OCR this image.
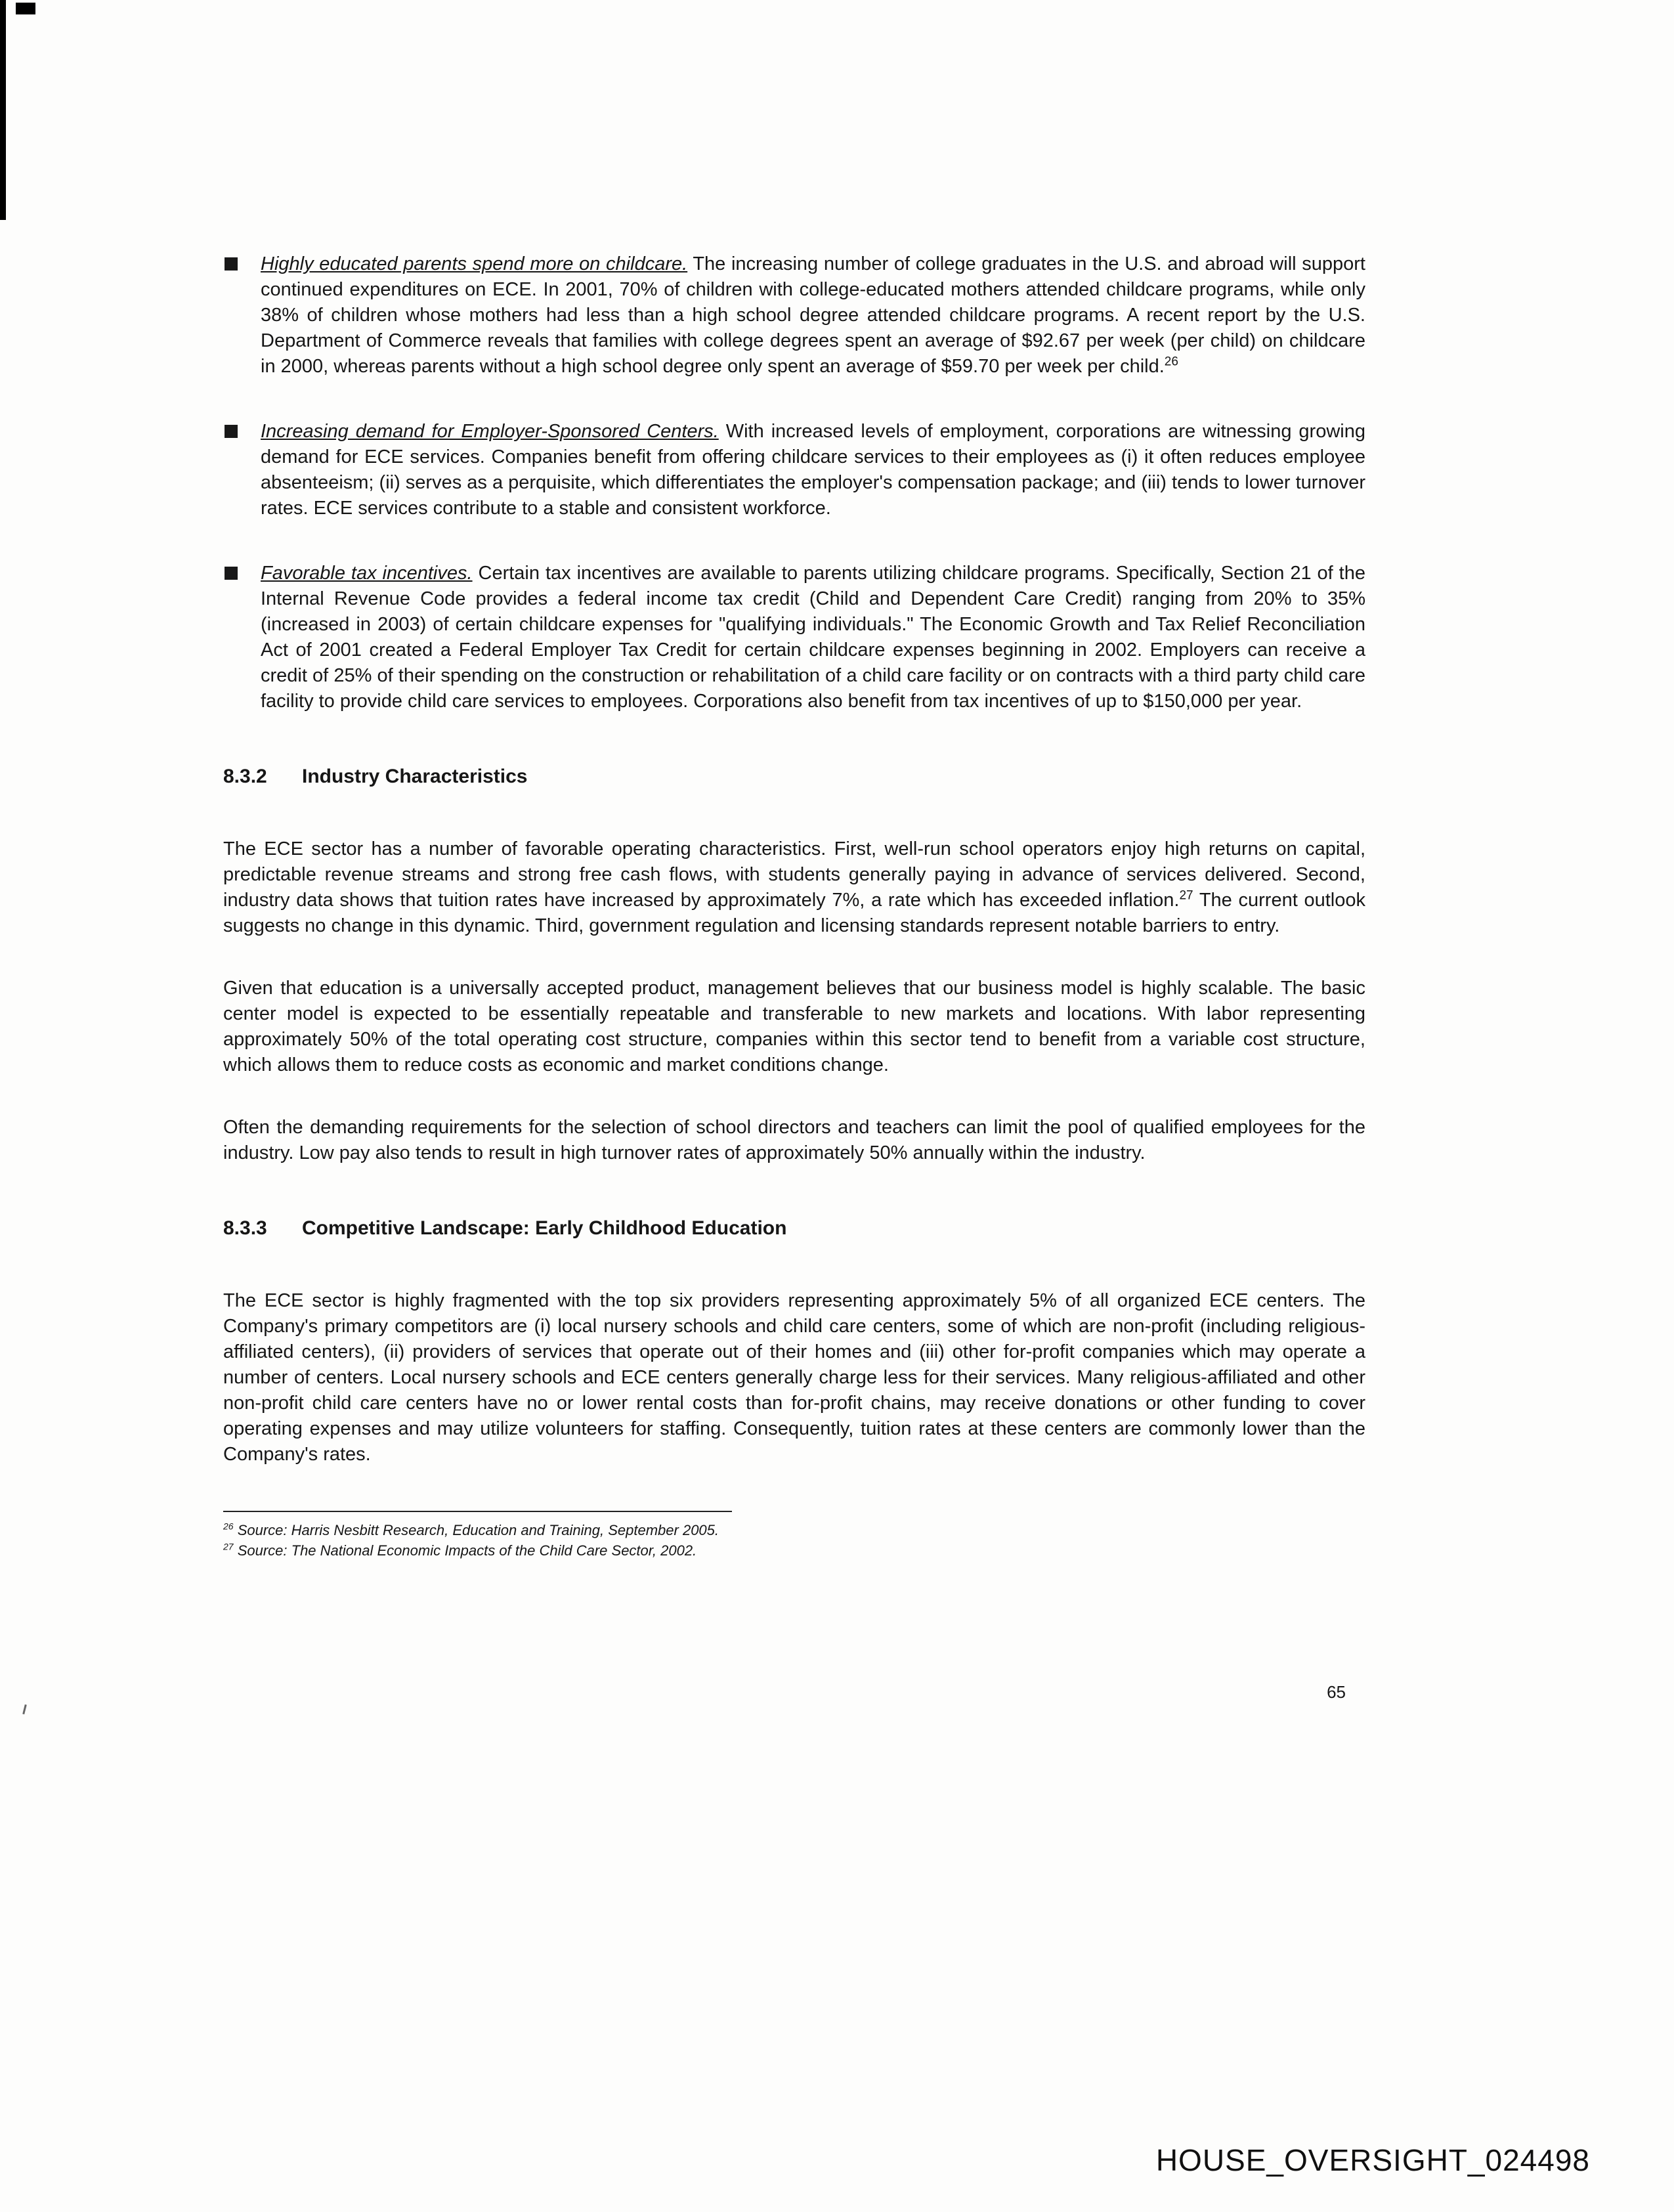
Highly educated parents spend more on childcare. The increasing number of college graduates in the U.S. and abroad will support continued expenditures on ECE. In 2001, 70% of children with college-educated mothers attended childcare programs, while only 38% of children whose mothers had less than a high school degree attended childcare programs. A recent report by the U.S. Department of Commerce reveals that families with college degrees spent an average of $92.67 per week (per child) on childcare in 2000, whereas parents without a high school degree only spent an average of $59.70 per week per child.$^{26}$
Increasing demand for Employer-Sponsored Centers. With increased levels of employment, corporations are witnessing growing demand for ECE services. Companies benefit from offering childcare services to their employees as (i) it often reduces employee absenteeism; (ii) serves as a perquisite, which differentiates the employer's compensation package; and (iii) tends to lower turnover rates. ECE services contribute to a stable and consistent workforce.
Favorable tax incentives. Certain tax incentives are available to parents utilizing childcare programs. Specifically, Section 21 of the Internal Revenue Code provides a federal income tax credit (Child and Dependent Care Credit) ranging from 20% to 35% (increased in 2003) of certain childcare expenses for "qualifying individuals." The Economic Growth and Tax Relief Reconciliation Act of 2001 created a Federal Employer Tax Credit for certain childcare expenses beginning in 2002. Employers can receive a credit of 25% of their spending on the construction or rehabilitation of a child care facility or on contracts with a third party child care facility to provide child care services to employees. Corporations also benefit from tax incentives of up to $150,000 per year.
8.3.2 Industry Characteristics

The ECE sector has a number of favorable operating characteristics. First, well-run school operators enjoy high returns on capital, predictable revenue streams and strong free cash flows, with students generally paying in advance of services delivered. Second, industry data shows that tuition rates have increased by approximately 7%, a rate which has exceeded inflation.$^{27}$ The current outlook suggests no change in this dynamic. Third, government regulation and licensing standards represent notable barriers to entry.

Given that education is a universally accepted product, management believes that our business model is highly scalable. The basic center model is expected to be essentially repeatable and transferable to new markets and locations. With labor representing approximately 50% of the total operating cost structure, companies within this sector tend to benefit from a variable cost structure, which allows them to reduce costs as economic and market conditions change.

Often the demanding requirements for the selection of school directors and teachers can limit the pool of qualified employees for the industry. Low pay also tends to result in high turnover rates of approximately 50% annually within the industry.

8.3.3 Competitive Landscape: Early Childhood Education

The ECE sector is highly fragmented with the top six providers representing approximately 5% of all organized ECE centers. The Company's primary competitors are (i) local nursery schools and child care centers, some of which are non-profit (including religious-affiliated centers), (ii) providers of services that operate out of their homes and (iii) other for-profit companies which may operate a number of centers. Local nursery schools and ECE centers generally charge less for their services. Many religious-affiliated and other non-profit child care centers have no or lower rental costs than for-profit chains, may receive donations or other funding to cover operating expenses and may utilize volunteers for staffing. Consequently, tuition rates at these centers are commonly lower than the Company's rates.

$^{26}$ Source: Harris Nesbitt Research, Education and Training, September 2005.
$^{27}$ Source: The National Economic Impacts of the Child Care Sector, 2002.
65
HOUSE_OVERSIGHT_024498
